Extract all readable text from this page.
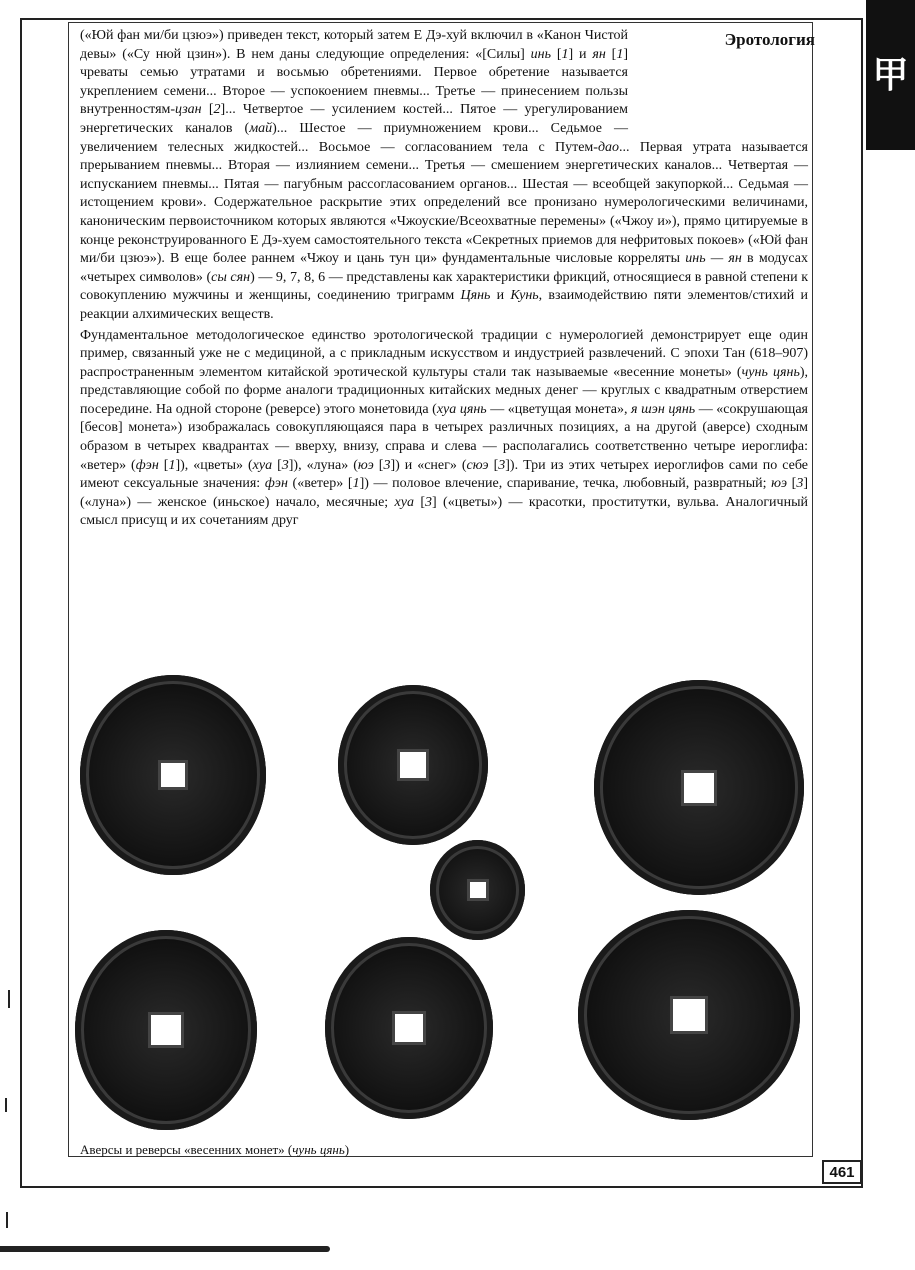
甲
Эротология

(«Юй фан ми/би цзюэ») приведен текст, который затем Е Дэ-хуй включил в «Канон Чистой девы» («Су нюй цзин»). В нем даны следующие определения: «[Силы] инь [1] и ян [1] чреваты семью утратами и восьмью обретениями. Первое обретение называется укреплением семени... Второе — успокоением пневмы... Третье — принесением пользы внутренностям-цзан [2]... Четвертое — усилением костей... Пятое — урегулированием энергетических каналов (май)... Шестое — приумножением крови... Седьмое — увеличением телесных жидкостей... Восьмое — согласованием тела с Путем-дао... Первая утрата называется прерыванием пневмы... Вторая — излиянием семени... Третья — смешением энергетических каналов... Четвертая — испусканием пневмы... Пятая — пагубным рассогласованием органов... Шестая — всеобщей закупоркой... Седьмая — истощением крови». Содержательное раскрытие этих определений все пронизано нумерологическими величинами, каноническим первоисточником которых являются «Чжоуские/Всеохватные перемены» («Чжоу и»), прямо цитируемые в конце реконструированного Е Дэ-хуем самостоятельного текста «Секретных приемов для нефритовых покоев» («Юй фан ми/би цзюэ»). В еще более раннем «Чжоу и цань тун ци» фундаментальные числовые корреляты инь — ян в модусах «четырех символов» (сы сян) — 9, 7, 8, 6 — представлены как характеристики фрикций, относящиеся в равной степени к совокуплению мужчины и женщины, соединению триграмм Цянь и Кунь, взаимодействию пяти элементов/стихий и реакции алхимических веществ.

Фундаментальное методологическое единство эротологической традиции с нумерологией демонстрирует еще один пример, связанный уже не с медициной, а с прикладным искусством и индустрией развлечений. С эпохи Тан (618–907) распространенным элементом китайской эротической культуры стали так называемые «весенние монеты» (чунь цянь), представляющие собой по форме аналоги традиционных китайских медных денег — круглых с квадратным отверстием посередине. На одной стороне (реверсе) этого монетовида (хуа цянь — «цветущая монета», я шэн цянь — «сокрушающая [бесов] монета») изображалась совокупляющаяся пара в четырех различных позициях, а на другой (аверсе) сходным образом в четырех квадрантах — вверху, внизу, справа и слева — располагались соответственно четыре иероглифа: «ветер» (фэн [1]), «цветы» (хуа [3]), «луна» (юэ [3]) и «снег» (сюэ [3]). Три из этих четырех иероглифов сами по себе имеют сексуальные значения: фэн («ветер» [1]) — половое влечение, спаривание, течка, любовный, развратный; юэ [3] («луна») — женское (иньское) начало, месячные; хуа [3] («цветы») — красотки, проститутки, вульва. Аналогичный смысл присущ и их сочетаниям друг

Аверсы и реверсы «весенних монет» (чунь цянь)
461
